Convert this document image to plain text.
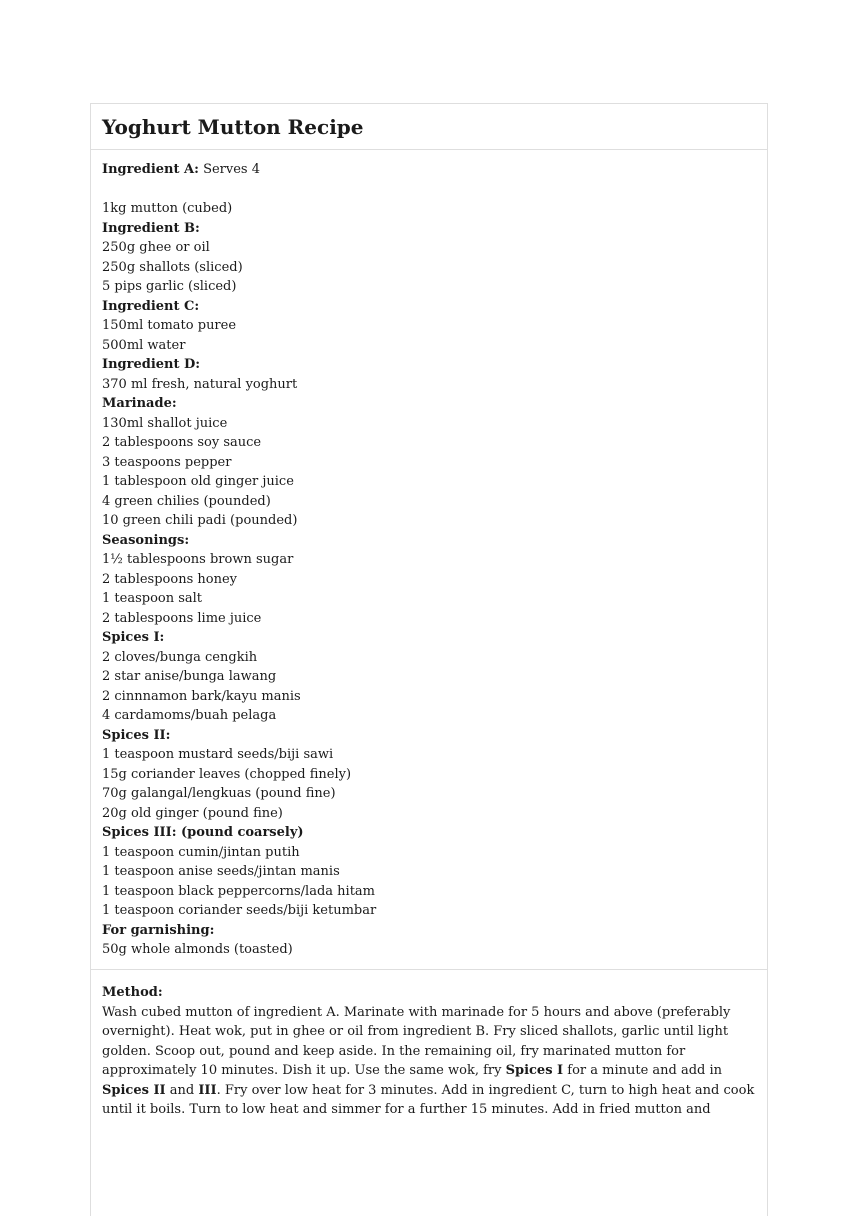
Yoghurt Mutton Recipe
Ingredient A: Serves 4
1kg mutton (cubed)
Ingredient B:
250g ghee or oil
250g shallots (sliced)
5 pips garlic (sliced)
Ingredient C:
150ml tomato puree
500ml water
Ingredient D:
370 ml fresh, natural yoghurt
Marinade:
130ml shallot juice
2 tablespoons soy sauce
3 teaspoons pepper
1 tablespoon old ginger juice
4 green chilies (pounded)
10 green chili padi (pounded)
Seasonings:
1½ tablespoons brown sugar
2 tablespoons honey
1 teaspoon salt
2 tablespoons lime juice
Spices I:
2 cloves/bunga cengkih
2 star anise/bunga lawang
2 cinnnamon bark/kayu manis
4 cardamoms/buah pelaga
Spices II:
1 teaspoon mustard seeds/biji sawi
15g coriander leaves (chopped finely)
70g galangal/lengkuas (pound fine)
20g old ginger (pound fine)
Spices III: (pound coarsely)
1 teaspoon cumin/jintan putih
1 teaspoon anise seeds/jintan manis
1 teaspoon black peppercorns/lada hitam
1 teaspoon coriander seeds/biji ketumbar
For garnishing:
50g whole almonds (toasted)
Method:

Wash cubed mutton of ingredient A. Marinate with marinade for 5 hours and above (preferably overnight). Heat wok, put in ghee or oil from ingredient B. Fry sliced shallots, garlic until light golden. Scoop out, pound and keep aside. In the remaining oil, fry marinated mutton for approximately 10 minutes. Dish it up. Use the same wok, fry Spices I for a minute and add in Spices II and III. Fry over low heat for 3 minutes. Add in ingredient C, turn to high heat and cook until it boils. Turn to low heat and simmer for a further 15 minutes. Add in fried mutton and
